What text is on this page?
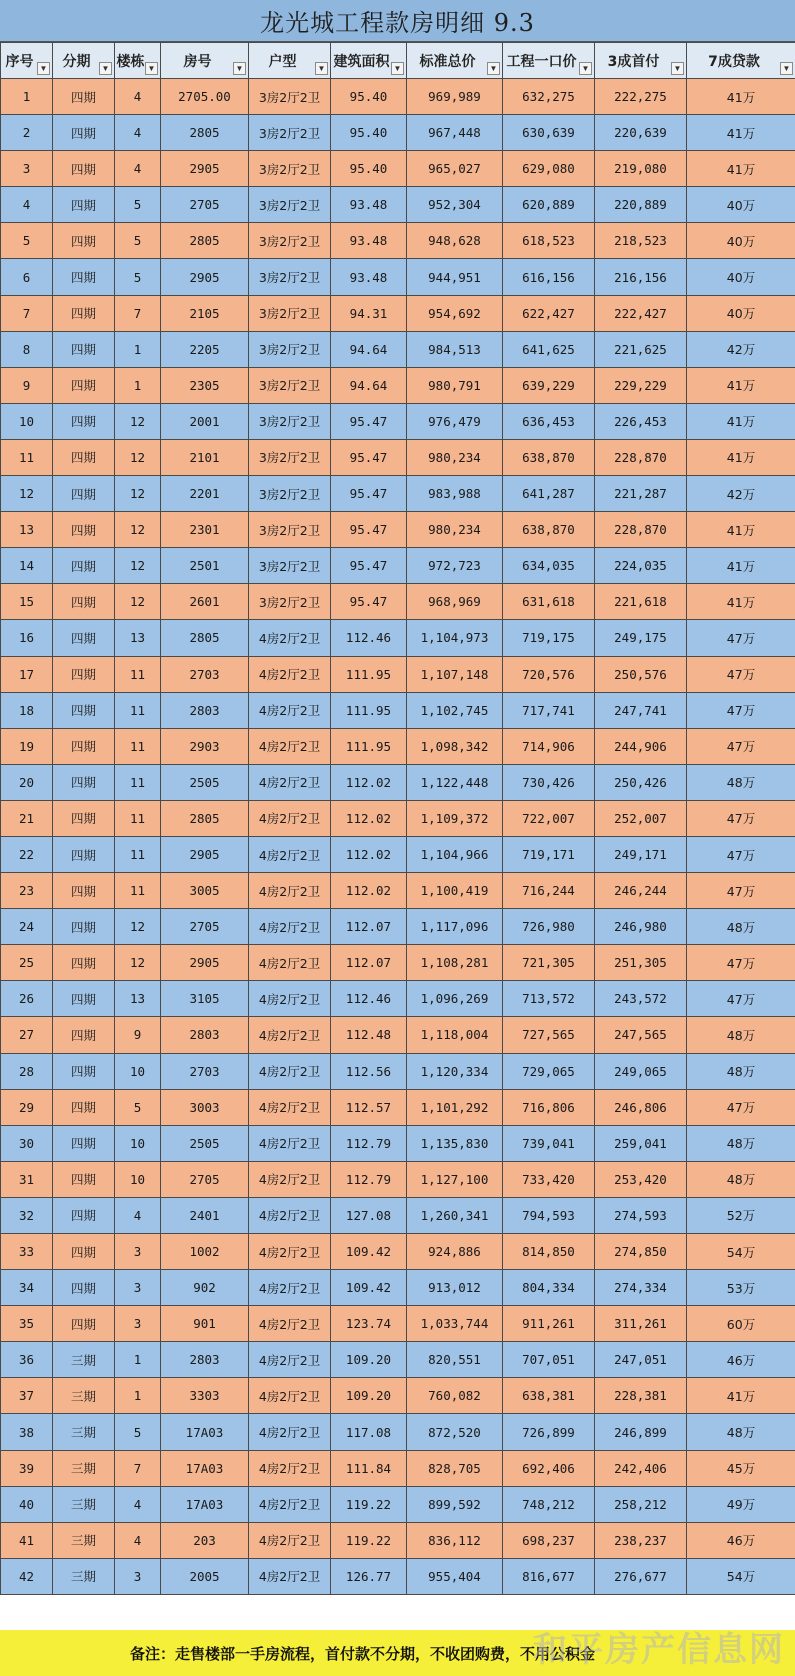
龙光城工程款房明细 9.3
序号 ▼	分期 ▼	楼栋 ▼	房号 ▼	户型 ▼	建筑面积 ▼	标准总价 ▼	工程一口价 ▼	3成首付 ▼	7成贷款 ▼

1	四期	4	2705.00	3房2厅2卫	95.40	969,989	632,275	222,275	41万
2	四期	4	2805	3房2厅2卫	95.40	967,448	630,639	220,639	41万
3	四期	4	2905	3房2厅2卫	95.40	965,027	629,080	219,080	41万
4	四期	5	2705	3房2厅2卫	93.48	952,304	620,889	220,889	40万
5	四期	5	2805	3房2厅2卫	93.48	948,628	618,523	218,523	40万
6	四期	5	2905	3房2厅2卫	93.48	944,951	616,156	216,156	40万
7	四期	7	2105	3房2厅2卫	94.31	954,692	622,427	222,427	40万
8	四期	1	2205	3房2厅2卫	94.64	984,513	641,625	221,625	42万
9	四期	1	2305	3房2厅2卫	94.64	980,791	639,229	229,229	41万
10	四期	12	2001	3房2厅2卫	95.47	976,479	636,453	226,453	41万
11	四期	12	2101	3房2厅2卫	95.47	980,234	638,870	228,870	41万
12	四期	12	2201	3房2厅2卫	95.47	983,988	641,287	221,287	42万
13	四期	12	2301	3房2厅2卫	95.47	980,234	638,870	228,870	41万
14	四期	12	2501	3房2厅2卫	95.47	972,723	634,035	224,035	41万
15	四期	12	2601	3房2厅2卫	95.47	968,969	631,618	221,618	41万
16	四期	13	2805	4房2厅2卫	112.46	1,104,973	719,175	249,175	47万
17	四期	11	2703	4房2厅2卫	111.95	1,107,148	720,576	250,576	47万
18	四期	11	2803	4房2厅2卫	111.95	1,102,745	717,741	247,741	47万
19	四期	11	2903	4房2厅2卫	111.95	1,098,342	714,906	244,906	47万
20	四期	11	2505	4房2厅2卫	112.02	1,122,448	730,426	250,426	48万
21	四期	11	2805	4房2厅2卫	112.02	1,109,372	722,007	252,007	47万
22	四期	11	2905	4房2厅2卫	112.02	1,104,966	719,171	249,171	47万
23	四期	11	3005	4房2厅2卫	112.02	1,100,419	716,244	246,244	47万
24	四期	12	2705	4房2厅2卫	112.07	1,117,096	726,980	246,980	48万
25	四期	12	2905	4房2厅2卫	112.07	1,108,281	721,305	251,305	47万
26	四期	13	3105	4房2厅2卫	112.46	1,096,269	713,572	243,572	47万
27	四期	9	2803	4房2厅2卫	112.48	1,118,004	727,565	247,565	48万
28	四期	10	2703	4房2厅2卫	112.56	1,120,334	729,065	249,065	48万
29	四期	5	3003	4房2厅2卫	112.57	1,101,292	716,806	246,806	47万
30	四期	10	2505	4房2厅2卫	112.79	1,135,830	739,041	259,041	48万
31	四期	10	2705	4房2厅2卫	112.79	1,127,100	733,420	253,420	48万
32	四期	4	2401	4房2厅2卫	127.08	1,260,341	794,593	274,593	52万
33	四期	3	1002	4房2厅2卫	109.42	924,886	814,850	274,850	54万
34	四期	3	902	4房2厅2卫	109.42	913,012	804,334	274,334	53万
35	四期	3	901	4房2厅2卫	123.74	1,033,744	911,261	311,261	60万
36	三期	1	2803	4房2厅2卫	109.20	820,551	707,051	247,051	46万
37	三期	1	3303	4房2厅2卫	109.20	760,082	638,381	228,381	41万
38	三期	5	17A03	4房2厅2卫	117.08	872,520	726,899	246,899	48万
39	三期	7	17A03	4房2厅2卫	111.84	828,705	692,406	242,406	45万
40	三期	4	17A03	4房2厅2卫	119.22	899,592	748,212	258,212	49万
41	三期	4	203	4房2厅2卫	119.22	836,112	698,237	238,237	46万
42	三期	3	2005	4房2厅2卫	126.77	955,404	816,677	276,677	54万
备注：走售楼部一手房流程，首付款不分期，不收团购费，不用公积金
和平房产信息网
